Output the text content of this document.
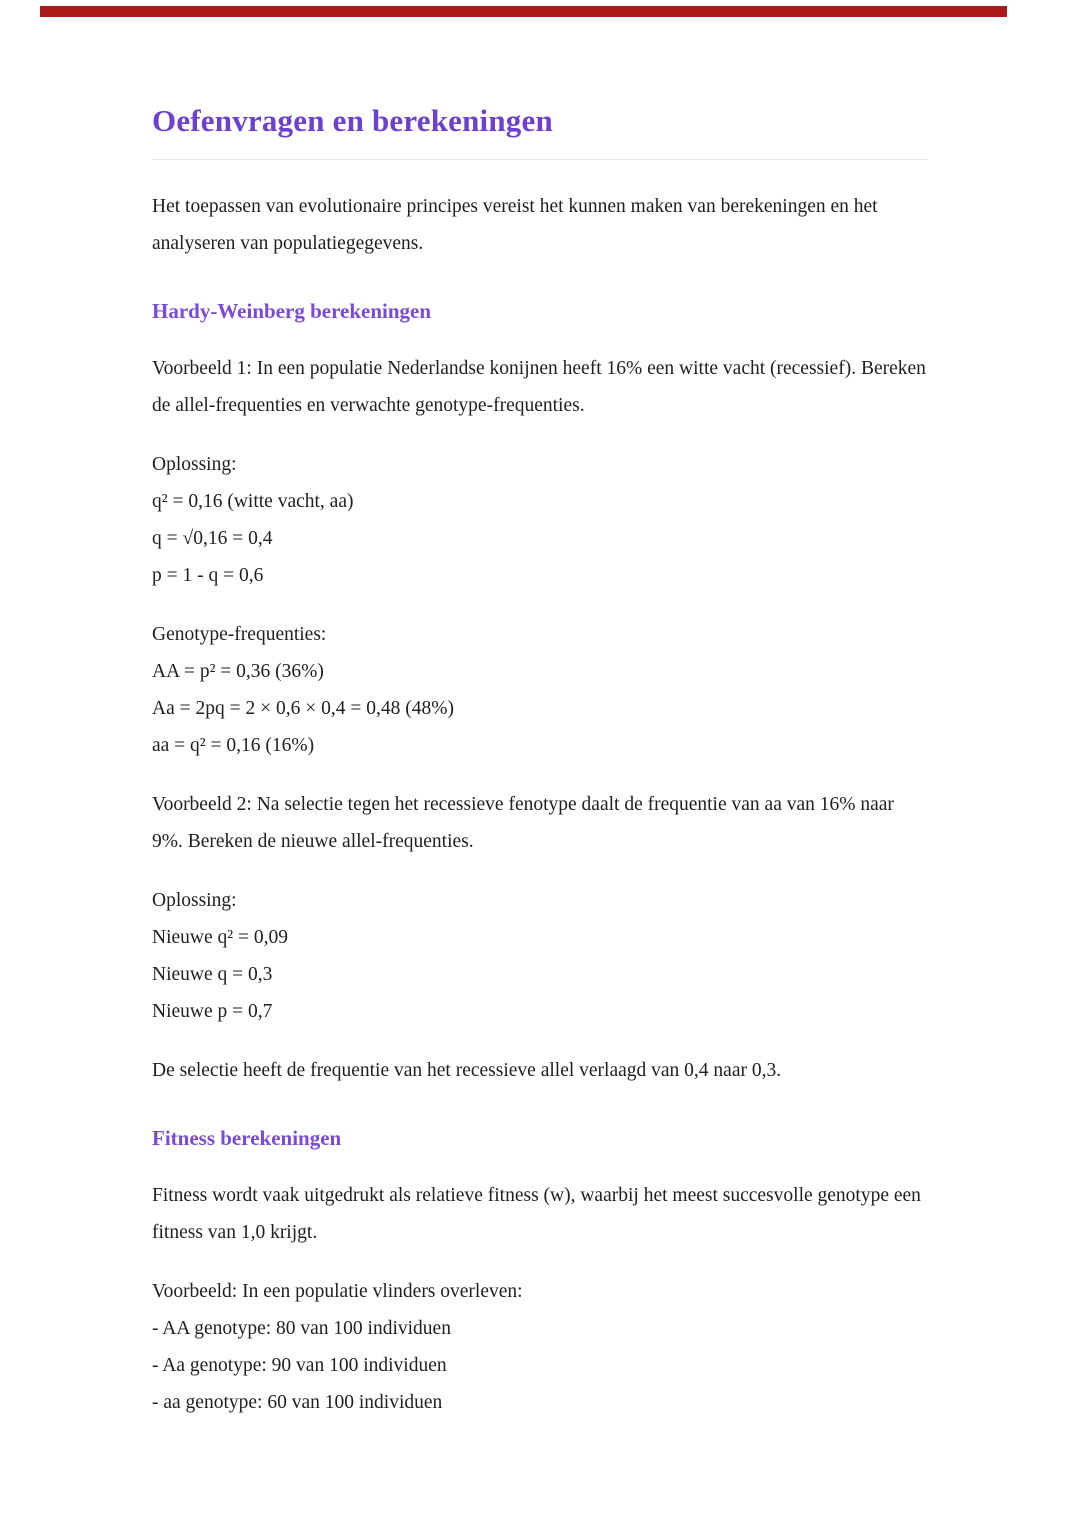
Oefenvragen en berekeningen

Het toepassen van evolutionaire principes vereist het kunnen maken van berekeningen en het analyseren van populatiegegevens.

Hardy-Weinberg berekeningen

Voorbeeld 1: In een populatie Nederlandse konijnen heeft 16% een witte vacht (recessief). Bereken de allel-frequenties en verwachte genotype-frequenties.

Oplossing:
q² = 0,16 (witte vacht, aa)
q = √0,16 = 0,4
p = 1 - q = 0,6
Genotype-frequenties:
AA = p² = 0,36 (36%)
Aa = 2pq = 2 × 0,6 × 0,4 = 0,48 (48%)
aa = q² = 0,16 (16%)

Voorbeeld 2: Na selectie tegen het recessieve fenotype daalt de frequentie van aa van 16% naar 9%. Bereken de nieuwe allel-frequenties.

Oplossing:
Nieuwe q² = 0,09
Nieuwe q = 0,3
Nieuwe p = 0,7

De selectie heeft de frequentie van het recessieve allel verlaagd van 0,4 naar 0,3.

Fitness berekeningen

Fitness wordt vaak uitgedrukt als relatieve fitness (w), waarbij het meest succesvolle genotype een fitness van 1,0 krijgt.

Voorbeeld: In een populatie vlinders overleven:
- AA genotype: 80 van 100 individuen
- Aa genotype: 90 van 100 individuen
- aa genotype: 60 van 100 individuen
